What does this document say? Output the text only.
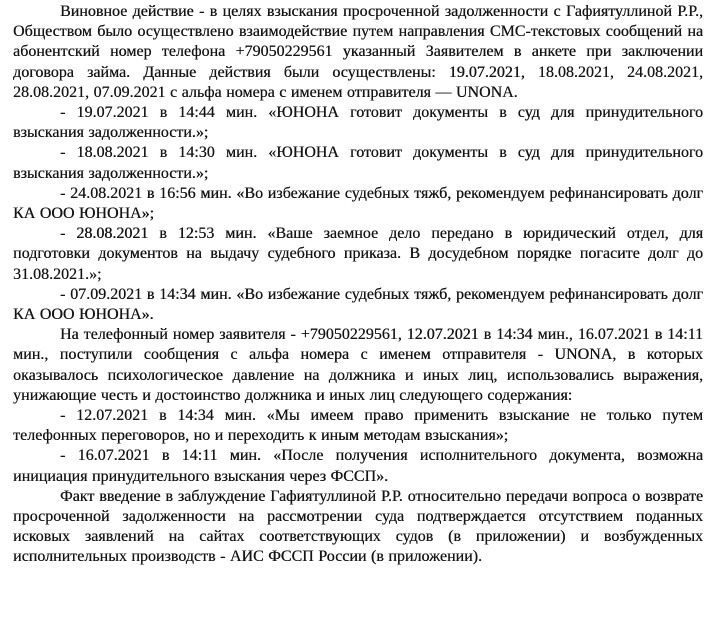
Виновное действие - в целях взыскания просроченной задолженности с Гафиятуллиной Р.Р., Обществом было осуществлено взаимодействие путем направления СМС-текстовых сообщений на абонентский номер телефона +79050229561 указанный Заявителем в анкете при заключении договора займа. Данные действия были осуществлены: 19.07.2021, 18.08.2021, 24.08.2021, 28.08.2021, 07.09.2021 с альфа номера с именем отправителя — UNONA.

- 19.07.2021 в 14:44 мин. «ЮНОНА готовит документы в суд для принудительного взыскания задолженности.»;

- 18.08.2021 в 14:30 мин. «ЮНОНА готовит документы в суд для принудительного взыскания задолженности.»;

- 24.08.2021 в 16:56 мин. «Во избежание судебных тяжб, рекомендуем рефинансировать долг КА ООО ЮНОНА»;

- 28.08.2021 в 12:53 мин. «Ваше заемное дело передано в юридический отдел, для подготовки документов на выдачу судебного приказа. В досудебном порядке погасите долг до 31.08.2021.»;

- 07.09.2021 в 14:34 мин. «Во избежание судебных тяжб, рекомендуем рефинансировать долг КА ООО ЮНОНА».

На телефонный номер заявителя - +79050229561, 12.07.2021 в 14:34 мин., 16.07.2021 в 14:11 мин., поступили сообщения с альфа номера с именем отправителя - UNONA, в которых оказывалось психологическое давление на должника и иных лиц, использовались выражения, унижающие честь и достоинство должника и иных лиц следующего содержания:

- 12.07.2021 в 14:34 мин. «Мы имеем право применить взыскание не только путем телефонных переговоров, но и переходить к иным методам взыскания»;

- 16.07.2021 в 14:11 мин. «После получения исполнительного документа, возможна инициация принудительного взыскания через ФССП».

Факт введение в заблуждение Гафиятуллиной Р.Р. относительно передачи вопроса о возврате просроченной задолженности на рассмотрении суда подтверждается отсутствием поданных исковых заявлений на сайтах соответствующих судов (в приложении) и возбужденных исполнительных производств - АИС ФССП России (в приложении).
